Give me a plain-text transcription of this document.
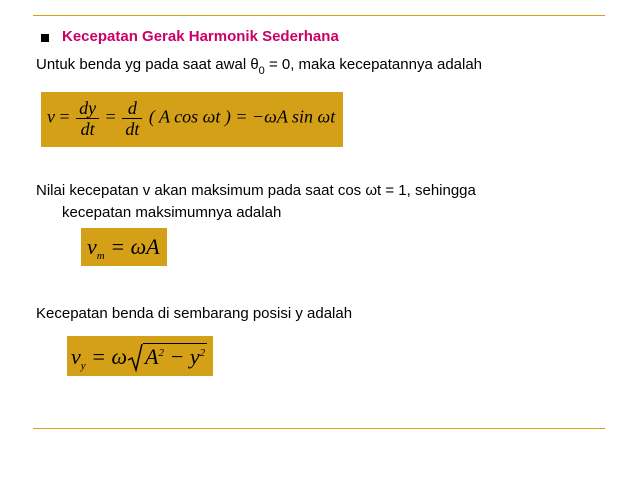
Kecepatan Gerak Harmonik Sederhana
Untuk benda yg pada saat awal $\theta_0 = 0$, maka kecepatannya adalah
$v = \frac{dy}{dt} = \frac{d}{dt}$ ( A cos ωt ) = −ωA sin ωt
Nilai kecepatan v akan maksimum pada saat cos ωt = 1, sehingga
kecepatan maksimumnya adalah
$v_m = \omega A$
Kecepatan benda di sembarang posisi y adalah
$v_y = \omega$ $A^2 - y^2$
